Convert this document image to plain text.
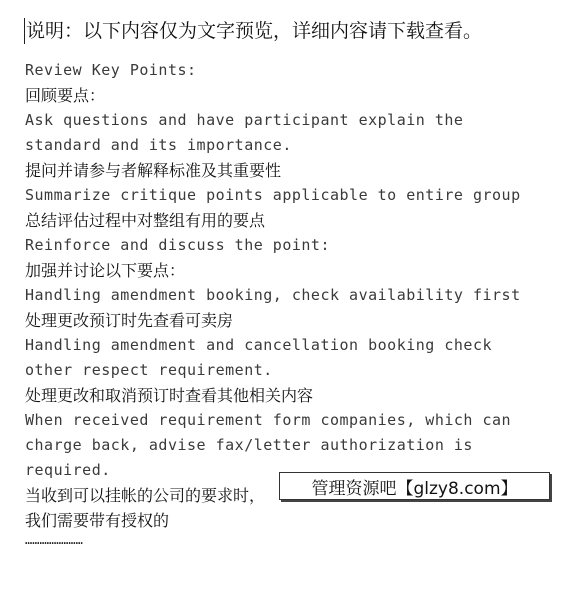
说明：以下内容仅为文字预览，详细内容请下载查看。
Review Key Points:
回顾要点：
Ask questions and have participant explain the
standard and its importance.
提问并请参与者解释标准及其重要性
Summarize critique points applicable to entire group
总结评估过程中对整组有用的要点
Reinforce and discuss the point:
加强并讨论以下要点：
Handling amendment booking, check availability first
处理更改预订时先查看可卖房
Handling amendment and cancellation booking check
other respect requirement.
处理更改和取消预订时查看其他相关内容
When received requirement form companies, which can
charge back, advise fax/letter authorization is
required.
当收到可以挂帐的公司的要求时，
我们需要带有授权的
……………………
管理资源吧【glzy8.com】
